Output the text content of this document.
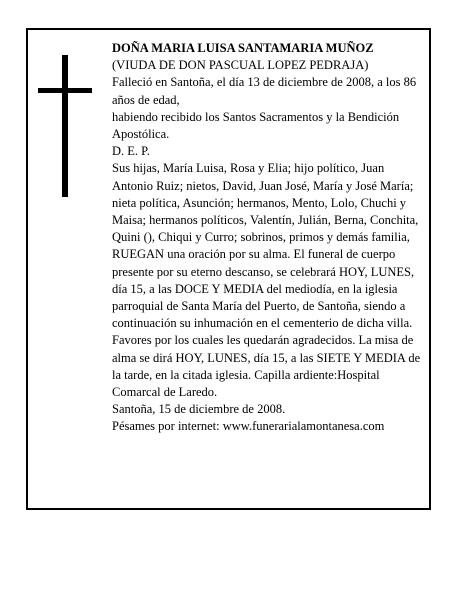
DOÑA MARIA LUISA SANTAMARIA MUÑOZ

(VIUDA DE DON PASCUAL LOPEZ PEDRAJA)

Falleció en Santoña, el día 13 de diciembre de 2008, a los 86 años de edad,

habiendo recibido los Santos Sacramentos y la Bendición Apostólica.

D. E. P.

Sus hijas, María Luisa, Rosa y Elia; hijo político, Juan Antonio Ruiz; nietos, David, Juan José, María y José María; nieta política, Asunción; hermanos, Mento, Lolo, Chuchi y Maisa; hermanos políticos, Valentín, Julián, Berna, Conchita, Quini (), Chiqui y Curro; sobrinos, primos y demás familia,

RUEGAN una oración por su alma. El funeral de cuerpo presente por su eterno descanso, se celebrará HOY, LUNES, día 15, a las DOCE Y MEDIA del mediodía, en la iglesia parroquial de Santa María del Puerto, de Santoña, siendo a continuación su inhumación en el cementerio de dicha villa. Favores por los cuales les quedarán agradecidos. La misa de alma se dirá HOY, LUNES, día 15, a las SIETE Y MEDIA de la tarde, en la citada iglesia. Capilla ardiente:Hospital Comarcal de Laredo.

Santoña, 15 de diciembre de 2008.

Pésames por internet: www.funerarialamontanesa.com
